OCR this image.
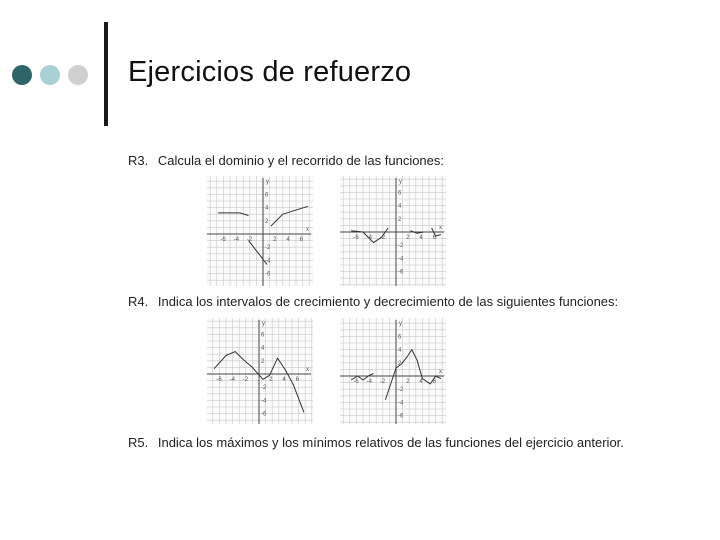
Ejercicios de refuerzo
R3. Calcula el dominio y el recorrido de las funciones:
x
y
-6 -4 -2	2 4 6
6
4
2
-2
-4
-6
x
y
-6 -4 -2	2 4 6
6
4
2
-2
-4
-6
R4. Indica los intervalos de crecimiento y decrecimiento de las siguientes funciones:
x
y
-6 -4 -2	2 4 6
6
4
2
-2
-4
-6
x
y
-6 -4 -2	2 4 6
6
4
2
-2
-4
-6
R5. Indica los máximos y los mínimos relativos de las funciones del ejercicio anterior.
